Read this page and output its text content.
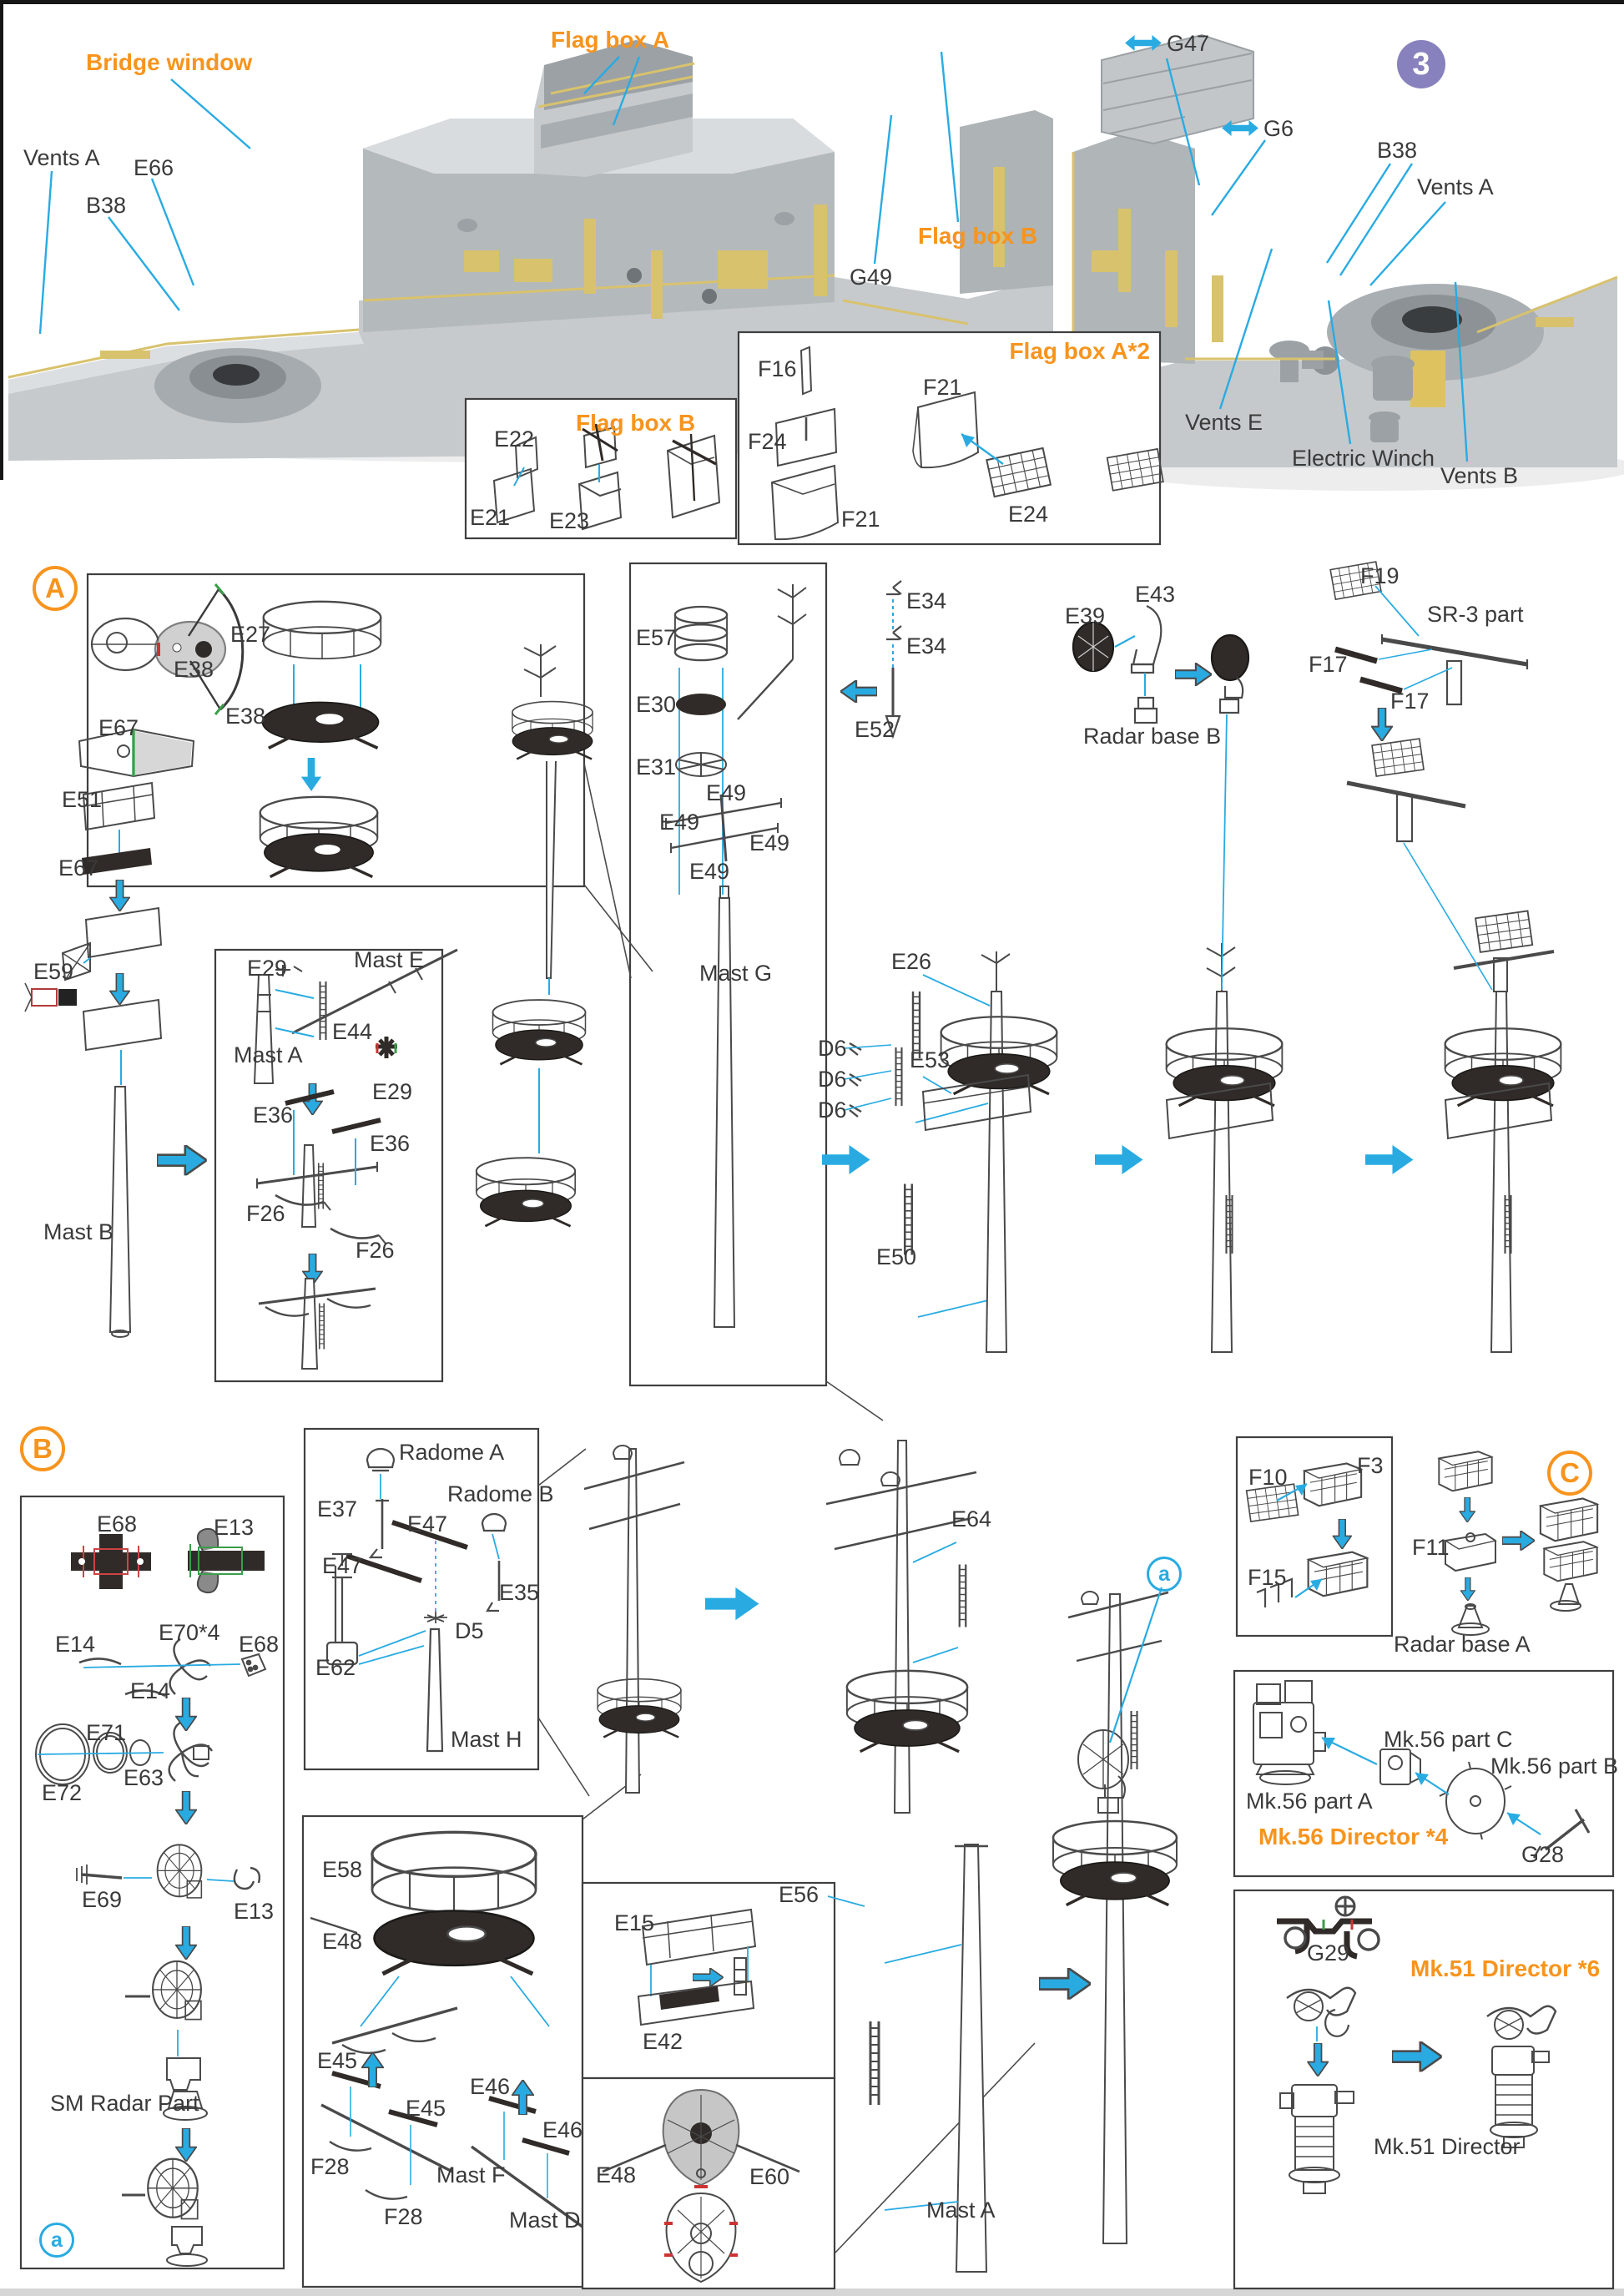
Bridge window
Vents A E66
B38
Flag box A
Flag box B
G49
G47
G6
B38
Vents A
Vents E
Electric Winch
Vents B
Flag box B
E22
E21 E23
Flag box A*2
F16
F24
F21
F21
E24
A
E38
E27
E38
E67
E51
E67
E59
Mast B
E29	Mast E
Mast A
E44
E29
E36
E36
F26
F26
E57
E30
E31
E49
E49
E49
E49
Mast G
E34
E34
E52
E26
D6
D6
D6
E53
E50
E39
E43
Radar base B
F19
SR-3 part
F17
F17
B
E68	E13
E14	E70*4 E68
E14
E71
E72
E63
E69	E13
SM Radar Part
a
Radome A
Radome B
E37
E47
E47
E35
D5
E62
Mast H
E64
a
E58
E48
E45
E45
F28
F28
Mast F
E46
E46
Mast D
E15
E42
E48	E60
E56
Mast A
C
F10	F3
F15
F11
Radar base A
Mk.56 part A
Mk.56 part C
Mk.56 part B
Mk.56 Director *4
G28
G29
Mk.51 Director *6
Mk.51 Director
3
